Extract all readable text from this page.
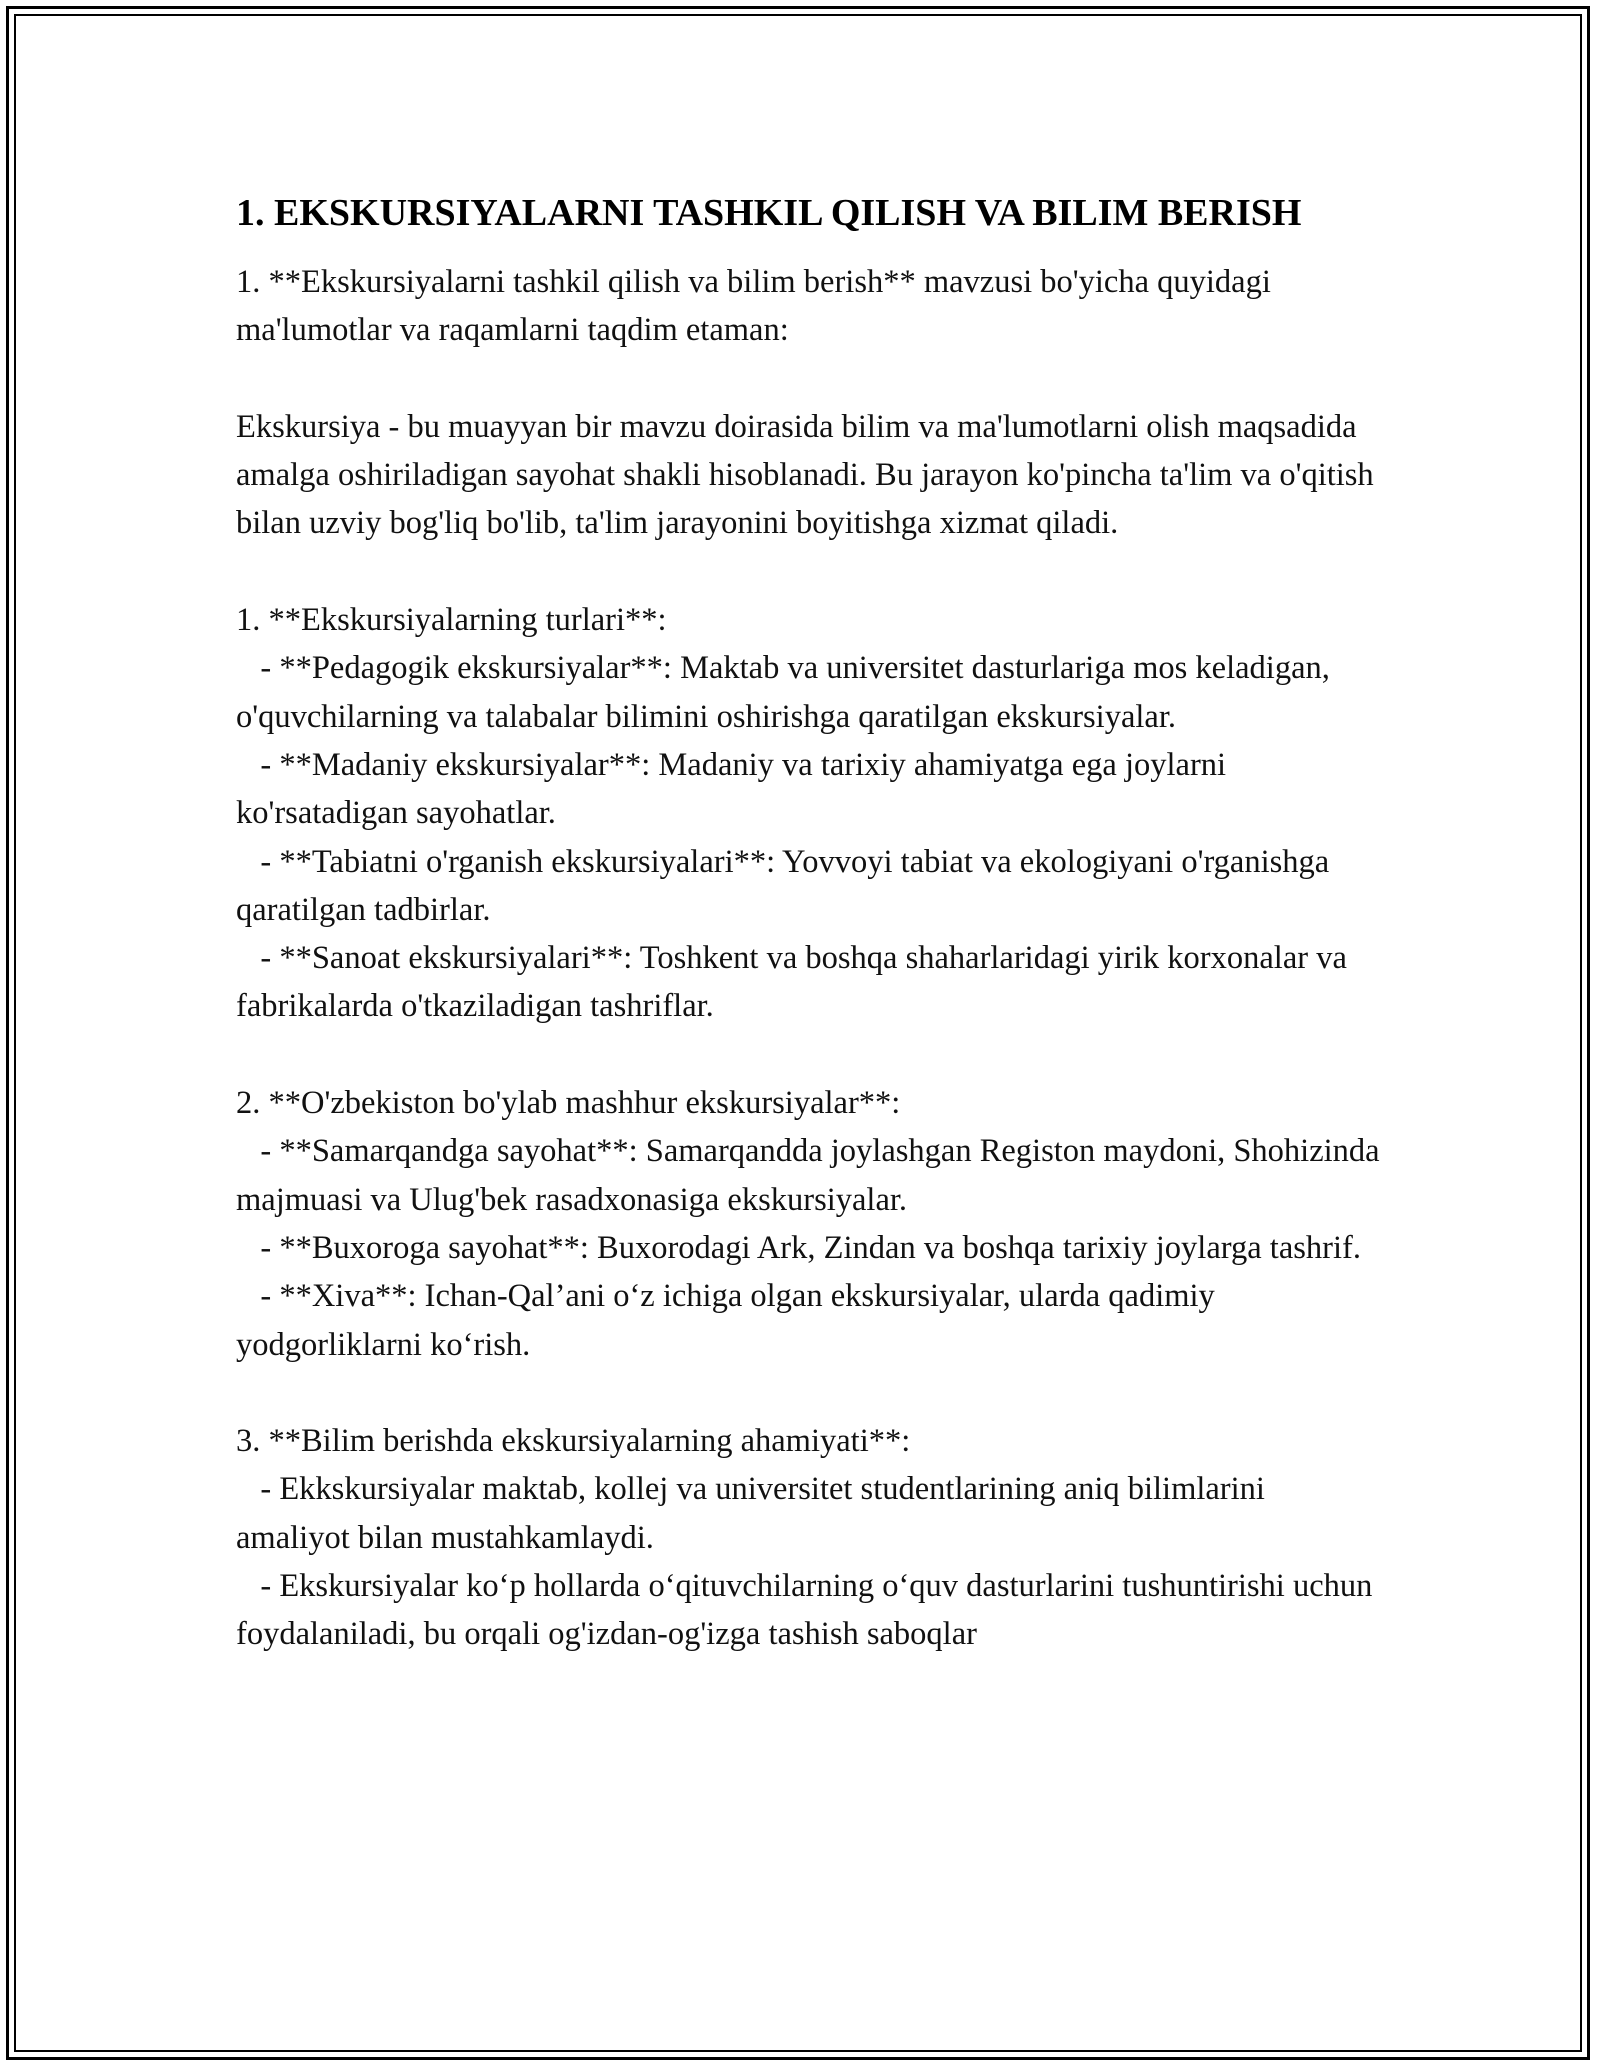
1. EKSKURSIYALARNI TASHKIL QILISH VA BILIM BERISH

1. **Ekskursiyalarni tashkil qilish va bilim berish** mavzusi bo'yicha quyidagi ma'lumotlar va raqamlarni taqdim etaman:

Ekskursiya - bu muayyan bir mavzu doirasida bilim va ma'lumotlarni olish maqsadida amalga oshiriladigan sayohat shakli hisoblanadi. Bu jarayon ko'pincha ta'lim va o'qitish bilan uzviy bog'liq bo'lib, ta'lim jarayonini boyitishga xizmat qiladi.

1. **Ekskursiyalarning turlari**:
- **Pedagogik ekskursiyalar**: Maktab va universitet dasturlariga mos keladigan, o'quvchilarning va talabalar bilimini oshirishga qaratilgan ekskursiyalar.
- **Madaniy ekskursiyalar**: Madaniy va tarixiy ahamiyatga ega joylarni ko'rsatadigan sayohatlar.
- **Tabiatni o'rganish ekskursiyalari**: Yovvoyi tabiat va ekologiyani o'rganishga qaratilgan tadbirlar.
- **Sanoat ekskursiyalari**: Toshkent va boshqa shaharlaridagi yirik korxonalar va fabrikalarda o'tkaziladigan tashriflar.

2. **O'zbekiston bo'ylab mashhur ekskursiyalar**:
- **Samarqandga sayohat**: Samarqandda joylashgan Registon maydoni, Shohizinda majmuasi va Ulug'bek rasadxonasiga ekskursiyalar.
- **Buxoroga sayohat**: Buxorodagi Ark, Zindan va boshqa tarixiy joylarga tashrif.
- **Xiva**: Ichan-Qal’ani o‘z ichiga olgan ekskursiyalar, ularda qadimiy yodgorliklarni ko‘rish.

3. **Bilim berishda ekskursiyalarning ahamiyati**:
- Ekkskursiyalar maktab, kollej va universitet studentlarining aniq bilimlarini amaliyot bilan mustahkamlaydi.
- Ekskursiyalar ko‘p hollarda o‘qituvchilarning o‘quv dasturlarini tushuntirishi uchun foydalaniladi, bu orqali og'izdan-og'izga tashish saboqlar
